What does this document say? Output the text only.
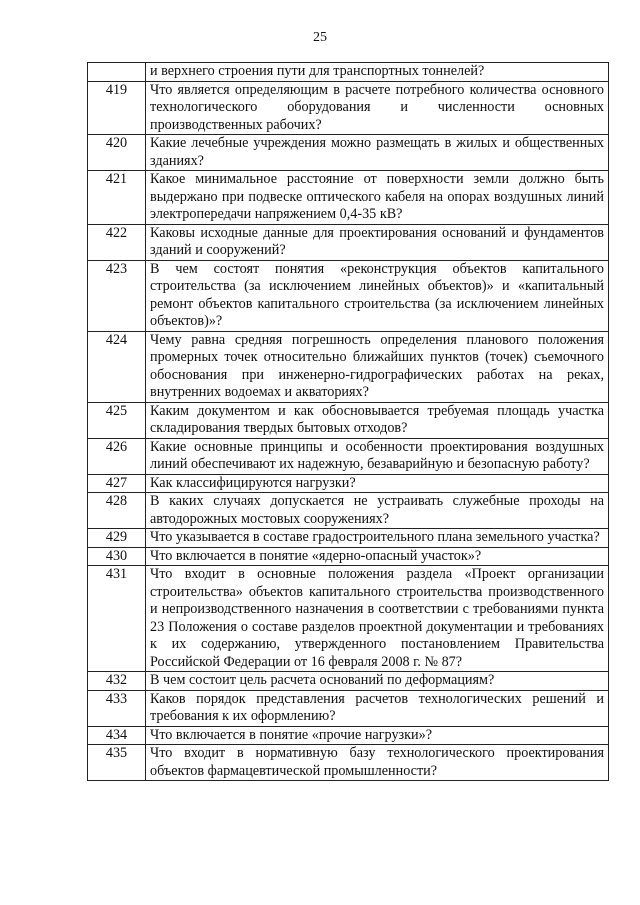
25
	и верхнего строения пути для транспортных тоннелей?
419	Что является определяющим в расчете потребного количества основного технологического оборудования и численности основных производственных рабочих?
420	Какие лечебные учреждения можно размещать в жилых и общественных зданиях?
421	Какое минимальное расстояние от поверхности земли должно быть выдержано при подвеске оптического кабеля на опорах воздушных линий электропередачи напряжением 0,4-35 кВ?
422	Каковы исходные данные для проектирования оснований и фундаментов зданий и сооружений?
423	В чем состоят понятия «реконструкция объектов капитального строительства (за исключением линейных объектов)» и «капитальный ремонт объектов капитального строительства (за исключением линейных объектов)»?
424	Чему равна средняя погрешность определения планового положения промерных точек относительно ближайших пунктов (точек) съемочного обоснования при инженерно-гидрографических работах на реках, внутренних водоемах и акваториях?
425	Каким документом и как обосновывается требуемая площадь участка складирования твердых бытовых отходов?
426	Какие основные принципы и особенности проектирования воздушных линий обеспечивают их надежную, безаварийную и безопасную работу?
427	Как классифицируются нагрузки?
428	В каких случаях допускается не устраивать служебные проходы на автодорожных мостовых сооружениях?
429	Что указывается в составе градостроительного плана земельного участка?
430	Что включается в понятие «ядерно-опасный участок»?
431	Что входит в основные положения раздела «Проект организации строительства» объектов капитального строительства производственного и непроизводственного назначения в соответствии с требованиями пункта 23 Положения о составе разделов проектной документации и требованиях к их содержанию, утвержденного постановлением Правительства Российской Федерации от 16 февраля 2008 г. № 87?
432	В чем состоит цель расчета оснований по деформациям?
433	Каков порядок представления расчетов технологических решений и требования к их оформлению?
434	Что включается в понятие «прочие нагрузки»?
435	Что входит в нормативную базу технологического проектирования объектов фармацевтической промышленности?
